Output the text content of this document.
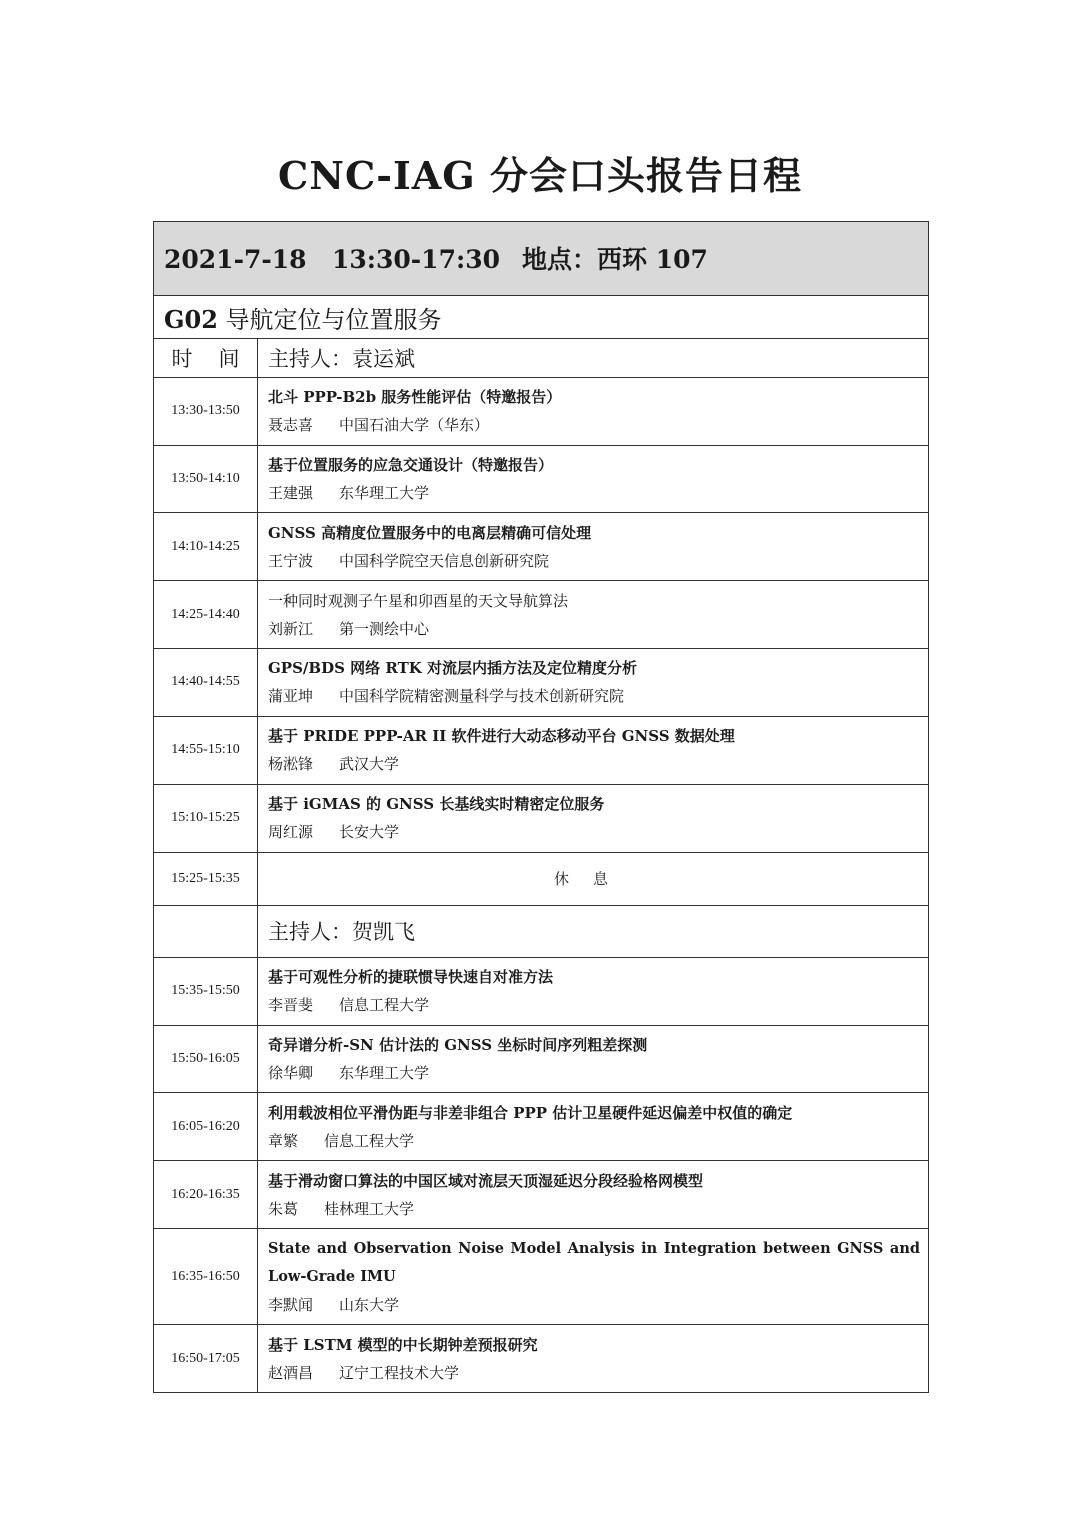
CNC-IAG 分会口头报告日程
2021-7-18 13:30-17:30 地点：西环 107	
G02 导航定位与位置服务	
时 间	主持人：袁运斌
13:30-13:50	北斗 PPP-B2b 服务性能评估（特邀报告）
聂志喜 中国石油大学（华东）

13:50-14:10	基于位置服务的应急交通设计（特邀报告）
王建强 东华理工大学

14:10-14:25	GNSS 高精度位置服务中的电离层精确可信处理
王宁波 中国科学院空天信息创新研究院

14:25-14:40	一种同时观测子午星和卯酉星的天文导航算法
刘新江 第一测绘中心

14:40-14:55	GPS/BDS 网络 RTK 对流层内插方法及定位精度分析
蒲亚坤 中国科学院精密测量科学与技术创新研究院

14:55-15:10	基于 PRIDE PPP-AR II 软件进行大动态移动平台 GNSS 数据处理
杨淞锋 武汉大学

15:10-15:25	基于 iGMAS 的 GNSS 长基线实时精密定位服务
周红源 长安大学

15:25-15:35	休息
	主持人：贺凯飞
15:35-15:50	基于可观性分析的捷联惯导快速自对准方法
李晋斐 信息工程大学

15:50-16:05	奇异谱分析-SN 估计法的 GNSS 坐标时间序列粗差探测
徐华卿 东华理工大学

16:05-16:20	利用载波相位平滑伪距与非差非组合 PPP 估计卫星硬件延迟偏差中权值的确定
章繁 信息工程大学

16:20-16:35	基于滑动窗口算法的中国区域对流层天顶湿延迟分段经验格网模型
朱葛 桂林理工大学

16:35-16:50	State and Observation Noise Model Analysis in Integration between GNSS and Low-Grade IMU
李默闻 山东大学

16:50-17:05	基于 LSTM 模型的中长期钟差预报研究
赵酒昌 辽宁工程技术大学
